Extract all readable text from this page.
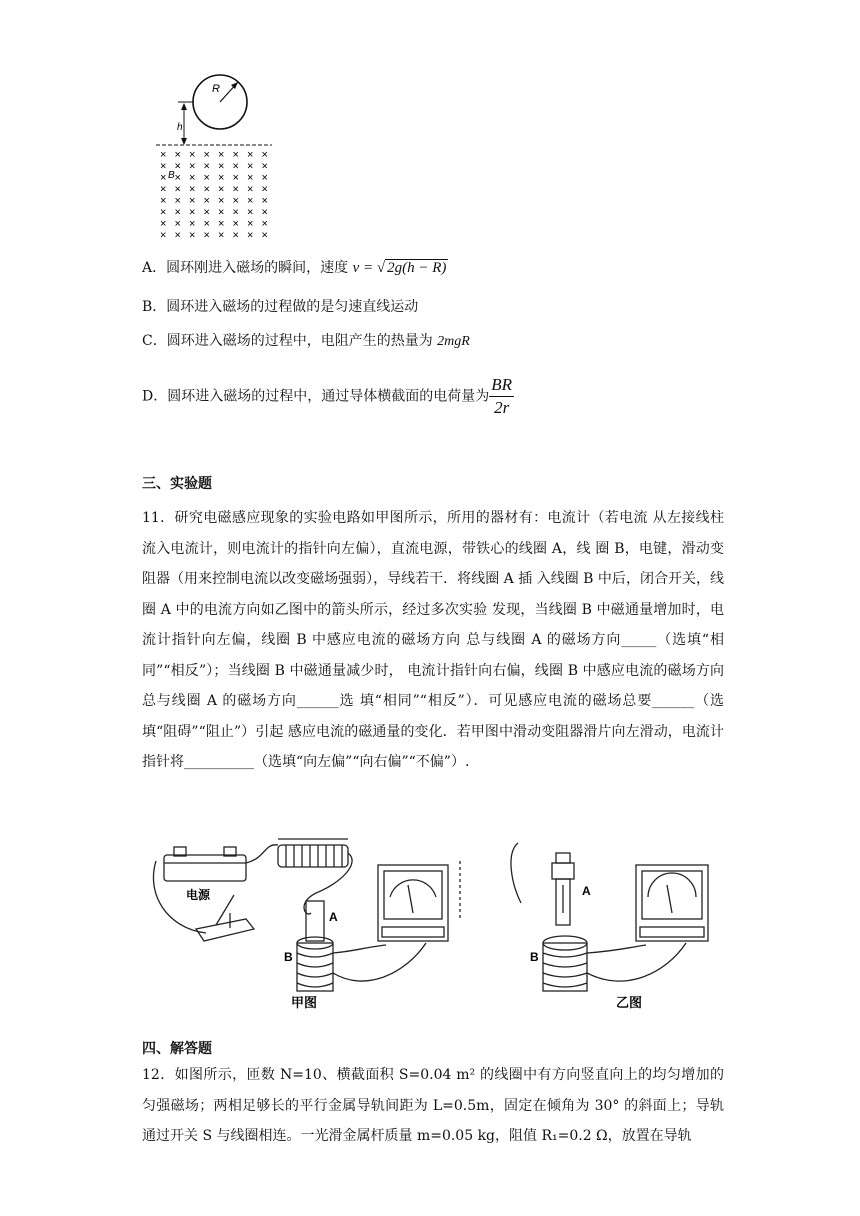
R
h
× × × × × × × ×
× × × × × × × ×
× × × × × × × ×
× × × × × × × ×
× × × × × × × ×
× × × × × × × ×
× × × × × × × ×
× × × × × × × ×
B
A．圆环刚进入磁场的瞬间，速度 v = √ 2g(h − R)
B．圆环进入磁场的过程做的是匀速直线运动
C．圆环进入磁场的过程中，电阻产生的热量为 2mgR
D．圆环进入磁场的过程中，通过导体横截面的电荷量为 $\frac{BR}{2r}$
三、实验题

11．研究电磁感应现象的实验电路如甲图所示，所用的器材有：电流计（若电流 从左接线柱流入电流计，则电流计的指针向左偏），直流电源，带铁心的线圈 A，线 圈 B，电键，滑动变阻器（用来控制电流以改变磁场强弱），导线若干．将线圈 A 插 入线圈 B 中后，闭合开关，线圈 A 中的电流方向如乙图中的箭头所示，经过多次实验 发现，当线圈 B 中磁通量增加时，电流计指针向左偏，线圈 B 中感应电流的磁场方向 总与线圈 A 的磁场方向_____（选填“相同”“相反”）；当线圈 B 中磁通量减少时， 电流计指针向右偏，线圈 B 中感应电流的磁场方向总与线圈 A 的磁场方向______选 填“相同”“相反”）．可见感应电流的磁场总要______（选填“阻碍”“阻止”）引起 感应电流的磁通量的变化．若甲图中滑动变阻器滑片向左滑动，电流计指针将__________（选填“向左偏”“向右偏”“不偏”）.

电源
A
B
A
B
甲图	乙图
四、解答题

12．如图所示，匝数 N=10、横截面积 S=0.04 m² 的线圈中有方向竖直向上的均匀增加的匀强磁场；两相足够长的平行金属导轨间距为 L=0.5m，固定在倾角为 30° 的斜面上；导轨通过开关 S 与线圈相连。一光滑金属杆质量 m=0.05 kg，阻值 R₁=0.2 Ω，放置在导轨
